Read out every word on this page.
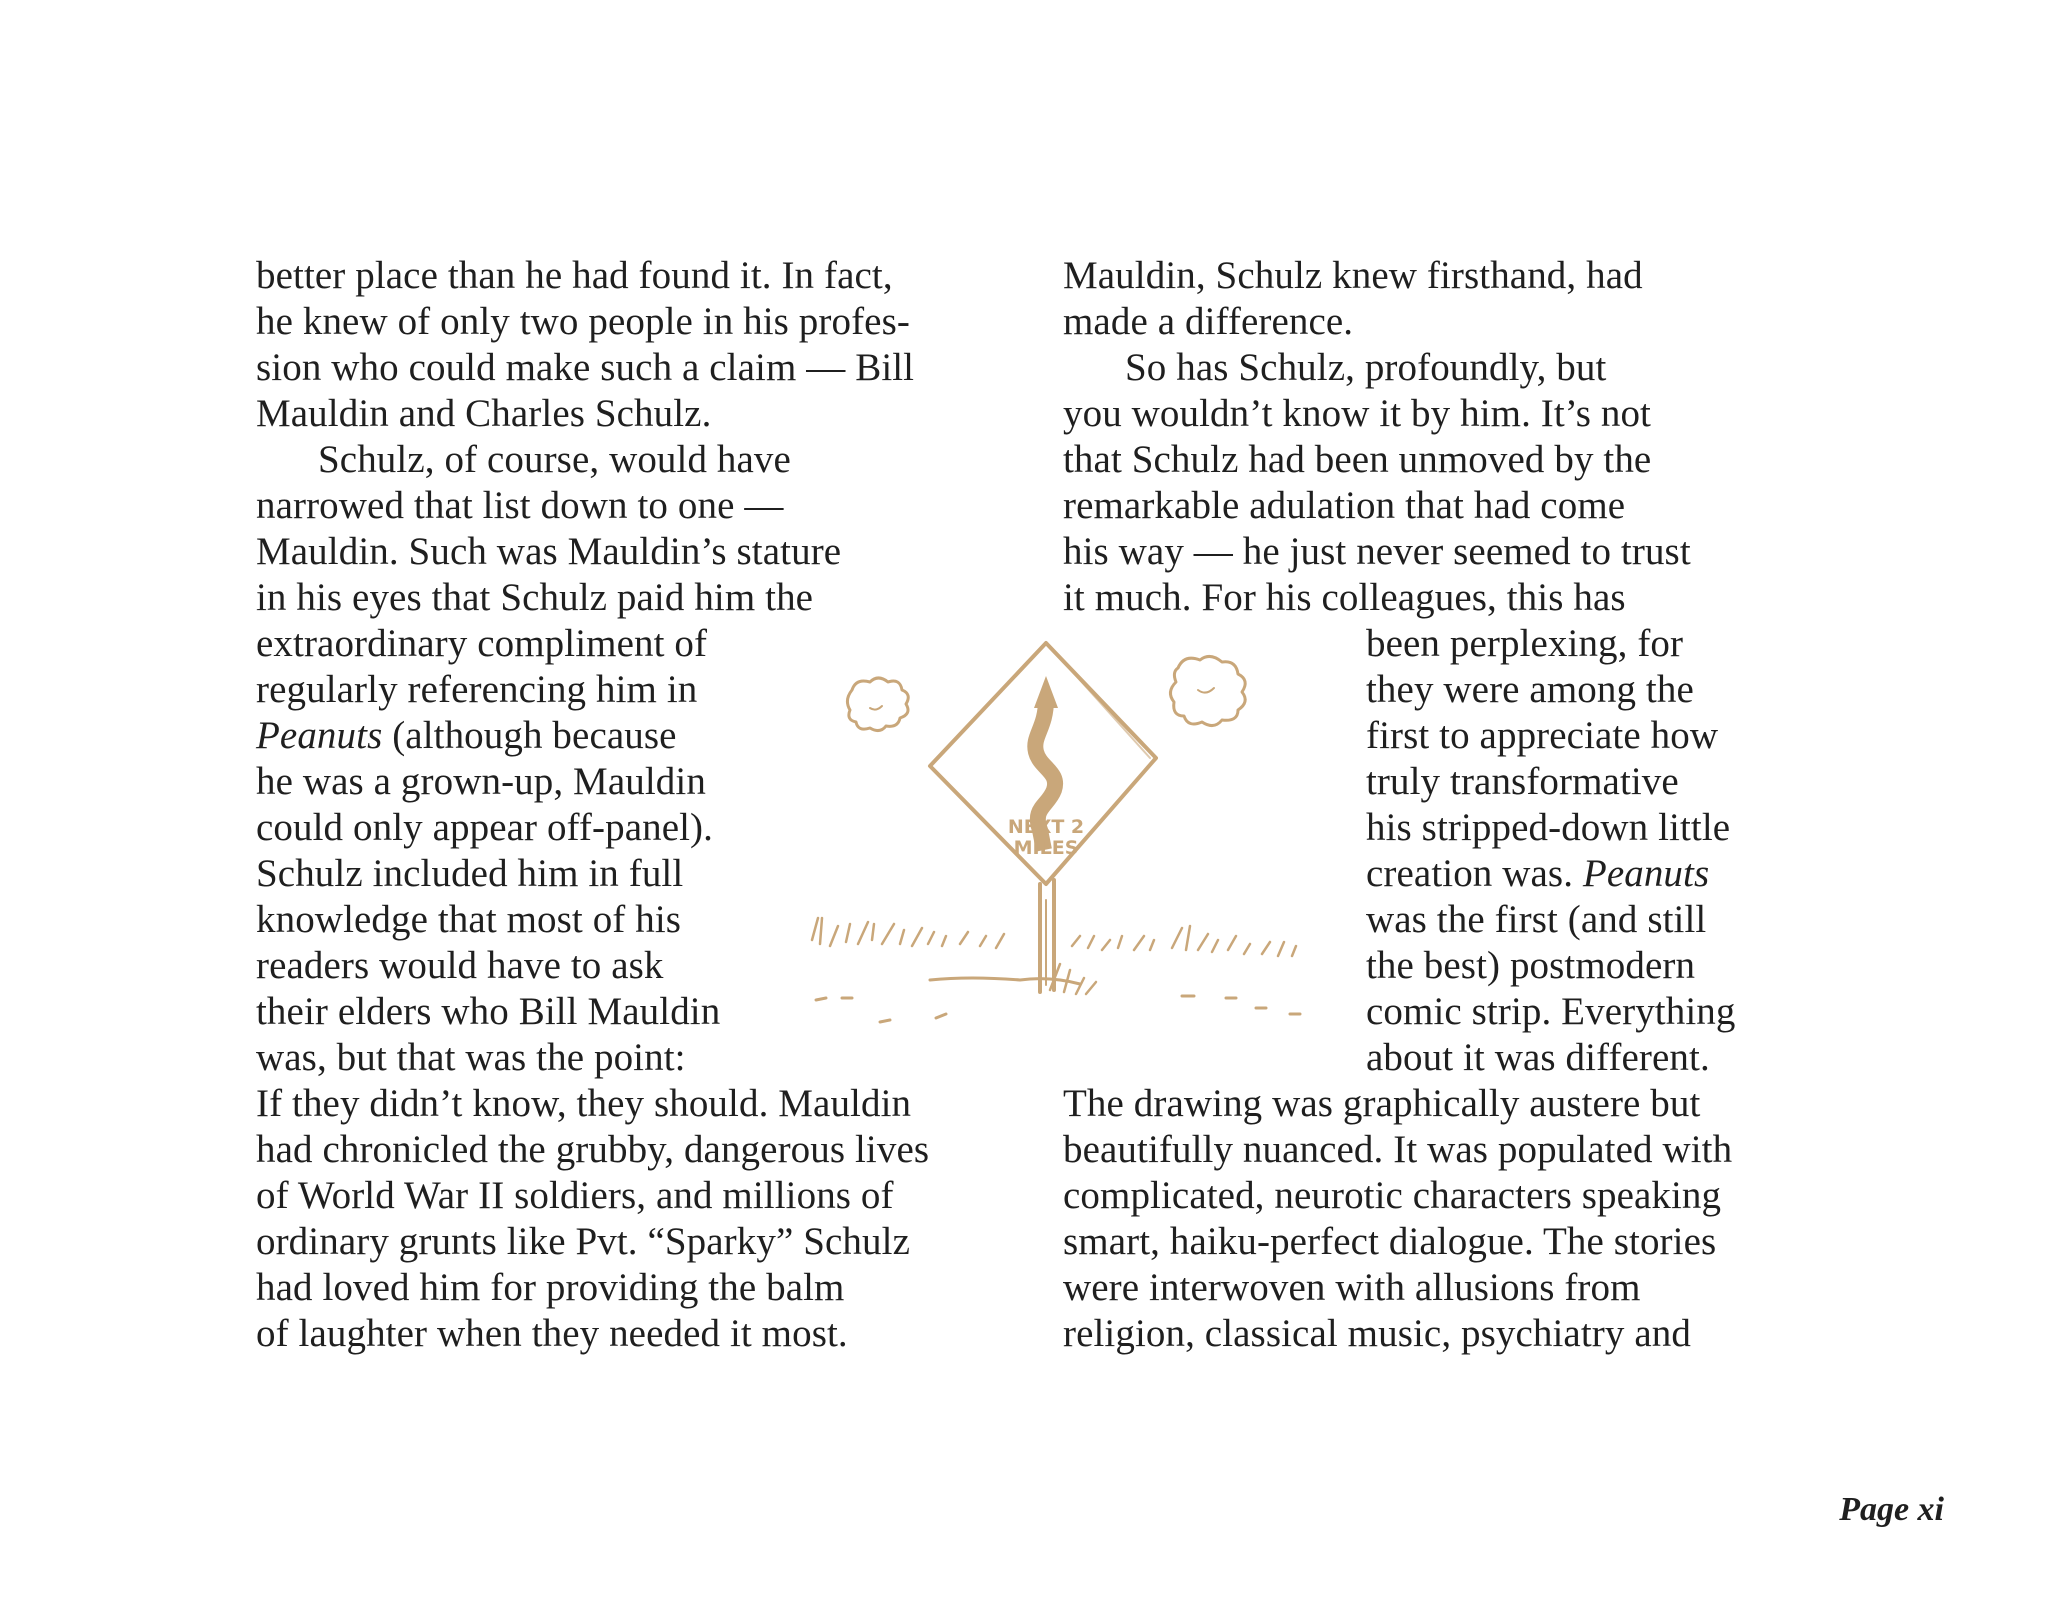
better place than he had found it. In fact,
he knew of only two people in his profes-
sion who could make such a claim — Bill
Mauldin and Charles Schulz.
Schulz, of course, would have
narrowed that list down to one —
Mauldin. Such was Mauldin’s stature
in his eyes that Schulz paid him the
extraordinary compliment of
regularly referencing him in
Peanuts (although because
he was a grown-up, Mauldin
could only appear off-panel).
Schulz included him in full
knowledge that most of his
readers would have to ask
their elders who Bill Mauldin
was, but that was the point:
If they didn’t know, they should. Mauldin
had chronicled the grubby, dangerous lives
of World War II soldiers, and millions of
ordinary grunts like Pvt. “Sparky” Schulz
had loved him for providing the balm
of laughter when they needed it most.
Mauldin, Schulz knew firsthand, had
made a difference.
So has Schulz, profoundly, but
you wouldn’t know it by him. It’s not
that Schulz had been unmoved by the
remarkable adulation that had come
his way — he just never seemed to trust
it much. For his colleagues, this has
been perplexing, for
they were among the
first to appreciate how
truly transformative
his stripped-down little
creation was. Peanuts
was the first (and still
the best) postmodern
comic strip. Everything
about it was different.
The drawing was graphically austere but
beautifully nuanced. It was populated with
complicated, neurotic characters speaking
smart, haiku-perfect dialogue. The stories
were interwoven with allusions from
religion, classical music, psychiatry and
NEXT 2
MILES
Page xi
